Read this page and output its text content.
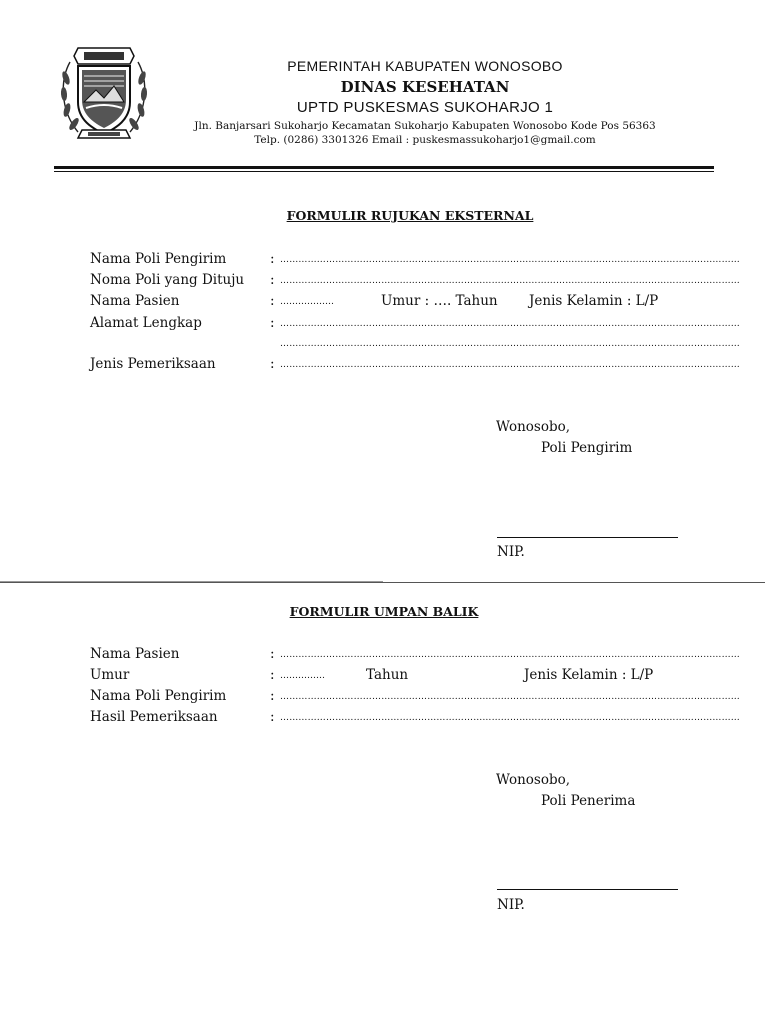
PEMERINTAH KABUPATEN WONOSOBO
DINAS KESEHATAN
UPTD PUSKESMAS SUKOHARJO 1
Jln. Banjarsari Sukoharjo Kecamatan Sukoharjo Kabupaten Wonosobo Kode Pos 56363
Telp. (0286) 3301326 Email : puskesmassukoharjo1@gmail.com
FORMULIR RUJUKAN EKSTERNAL
Nama Poli Pengirim	: ……………………………………………………………………………………………………………………………………
Noma Poli yang Dituju : ……………………………………………………………………………………………………………………………………
Nama Pasien	: ………………	Umur : …. Tahun Jenis Kelamin : L/P
Alamat Lengkap	: ……………………………………………………………………………………………………………………………………
……………………………………………………………………………………………………………………………………
Jenis Pemeriksaan	: ……………………………………………………………………………………………………………………………………
Wonosobo,
Poli Pengirim
NIP.
FORMULIR UMPAN BALIK
Nama Pasien	: ……………………………………………………………………………………………………………………………………
Umur	: ……………	Tahun	Jenis Kelamin : L/P
Nama Poli Pengirim	: ……………………………………………………………………………………………………………………………………
Hasil Pemeriksaan	: ……………………………………………………………………………………………………………………………………
Wonosobo,
Poli Penerima
NIP.
